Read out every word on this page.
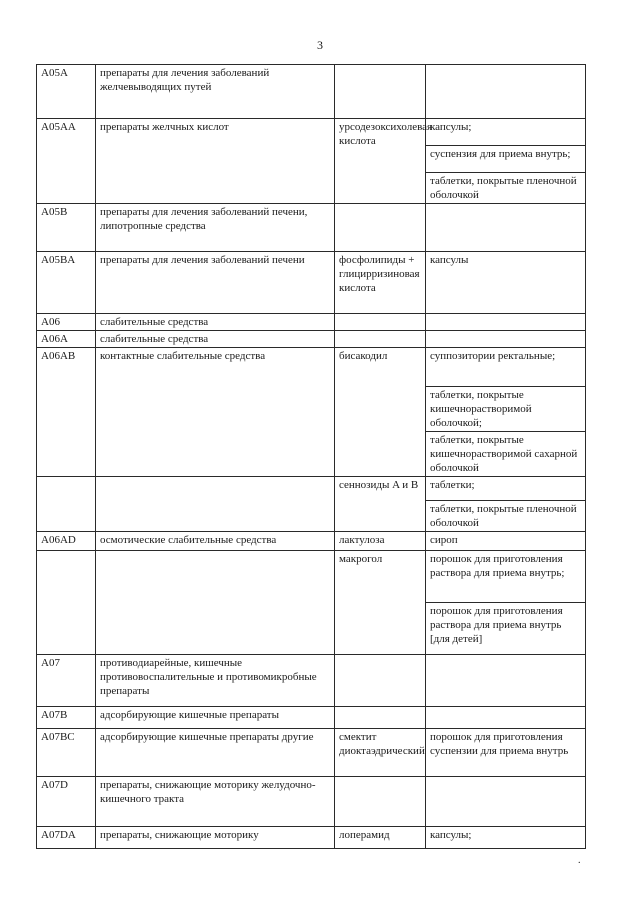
3
A05A	препараты для лечения заболеваний желчевыводящих путей		
A05AA	препараты желчных кислот	урсодезоксихолевая кислота	капсулы;
			суспензия для приема внутрь;
			таблетки, покрытые пленочной оболочкой
A05B	препараты для лечения заболеваний печени, липотропные средства		
A05BA	препараты для лечения заболеваний печени	фосфолипиды + глицирризиновая кислота	капсулы
A06	слабительные средства		
A06A	слабительные средства		
A06AB	контактные слабительные средства	бисакодил	суппозитории ректальные;
			таблетки, покрытые кишечнорастворимой оболочкой;
			таблетки, покрытые кишечнорастворимой сахарной оболочкой
		сеннозиды A и B	таблетки;
			таблетки, покрытые пленочной оболочкой
A06AD	осмотические слабительные средства	лактулоза	сироп
		макрогол	порошок для приготовления раствора для приема внутрь;
			порошок для приготовления раствора для приема внутрь [для детей]
A07	противодиарейные, кишечные противовоспалительные и противомикробные препараты		
A07B	адсорбирующие кишечные препараты		
A07BC	адсорбирующие кишечные препараты другие	смектит диоктаэдрический	порошок для приготовления суспензии для приема внутрь
A07D	препараты, снижающие моторику желудочно-кишечного тракта		
A07DA	препараты, снижающие моторику	лоперамид	капсулы;
.
